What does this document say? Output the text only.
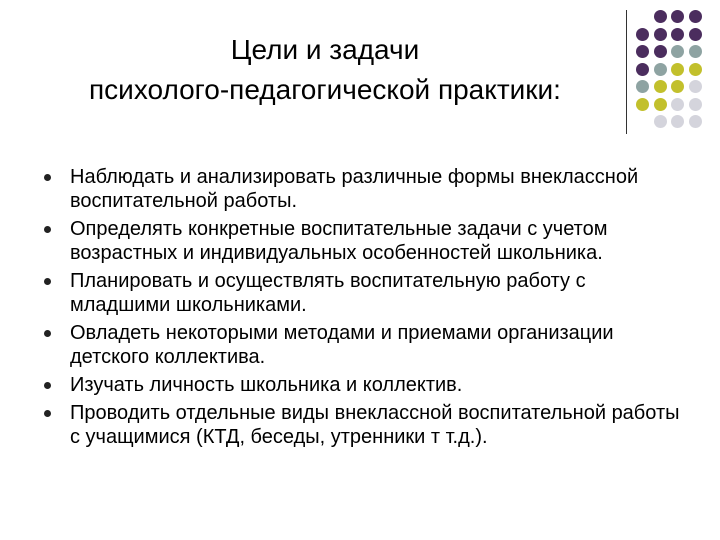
Цели и задачи
психолого-педагогической практики:
Наблюдать и анализировать различные формы внеклассной воспитательной работы.
Определять конкретные воспитательные задачи с учетом возрастных и индивидуальных особенностей школьника.
Планировать и осуществлять воспитательную работу с младшими школьниками.
Овладеть некоторыми методами и приемами организации детского коллектива.
Изучать личность школьника и коллектив.
Проводить отдельные виды внеклассной воспитательной работы с учащимися (КТД, беседы, утренники т т.д.).
